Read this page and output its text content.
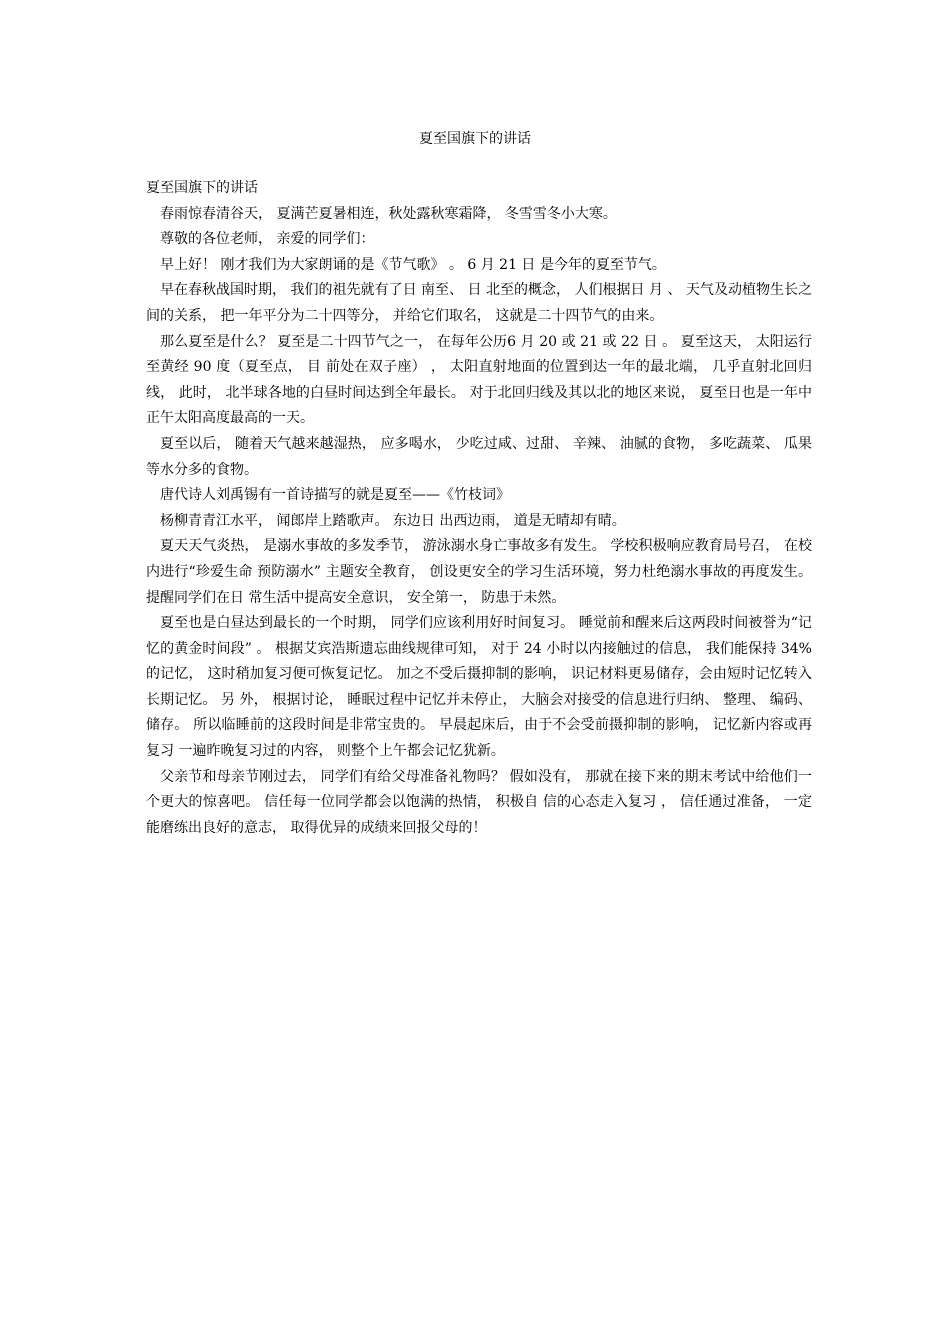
夏至国旗下的讲话

夏至国旗下的讲话

春雨惊春清谷天， 夏满芒夏暑相连，秋处露秋寒霜降， 冬雪雪冬小大寒。

尊敬的各位老师， 亲爱的同学们：

早上好！ 刚才我们为大家朗诵的是《节气歌》 。 6 月 21 日 是今年的夏至节气。

早在春秋战国时期， 我们的祖先就有了日 南至、 日 北至的概念， 人们根据日 月 、 天气及动植物生长之间的关系， 把一年平分为二十四等分， 并给它们取名， 这就是二十四节气的由来。

那么夏至是什么？ 夏至是二十四节气之一， 在每年公历6 月 20 或 21 或 22 日 。 夏至这天， 太阳运行至黄经 90 度（夏至点， 目 前处在双子座） ， 太阳直射地面的位置到达一年的最北端， 几乎直射北回归线， 此时， 北半球各地的白昼时间达到全年最长。 对于北回归线及其以北的地区来说， 夏至日也是一年中正午太阳高度最高的一天。

夏至以后， 随着天气越来越湿热， 应多喝水， 少吃过咸、过甜、 辛辣、 油腻的食物， 多吃蔬菜、 瓜果等水分多的食物。

唐代诗人刘禹锡有一首诗描写的就是夏至——《竹枝词》

杨柳青青江水平， 闻郎岸上踏歌声。 东边日 出西边雨， 道是无晴却有晴。

夏天天气炎热， 是溺水事故的多发季节， 游泳溺水身亡事故多有发生。 学校积极响应教育局号召， 在校内进行“珍爱生命 预防溺水” 主题安全教育， 创设更安全的学习生活环境，努力杜绝溺水事故的再度发生。 提醒同学们在日 常生活中提高安全意识， 安全第一， 防患于未然。

夏至也是白昼达到最长的一个时期， 同学们应该利用好时间复习。 睡觉前和醒来后这两段时间被誉为“记忆的黄金时间段” 。 根据艾宾浩斯遗忘曲线规律可知， 对于 24 小时以内接触过的信息， 我们能保持 34%的记忆， 这时稍加复习便可恢复记忆。 加之不受后摄抑制的影响， 识记材料更易储存，会由短时记忆转入长期记忆。 另 外， 根据讨论， 睡眠过程中记忆并未停止， 大脑会对接受的信息进行归纳、 整理、 编码、储存。 所以临睡前的这段时间是非常宝贵的。 早晨起床后，由于不会受前摄抑制的影响， 记忆新内容或再复习 一遍昨晚复习过的内容， 则整个上午都会记忆犹新。

父亲节和母亲节刚过去， 同学们有给父母准备礼物吗？ 假如没有， 那就在接下来的期末考试中给他们一个更大的惊喜吧。 信任每一位同学都会以饱满的热情， 积极自 信的心态走入复习 ， 信任通过准备， 一定能磨练出良好的意志， 取得优异的成绩来回报父母的！
